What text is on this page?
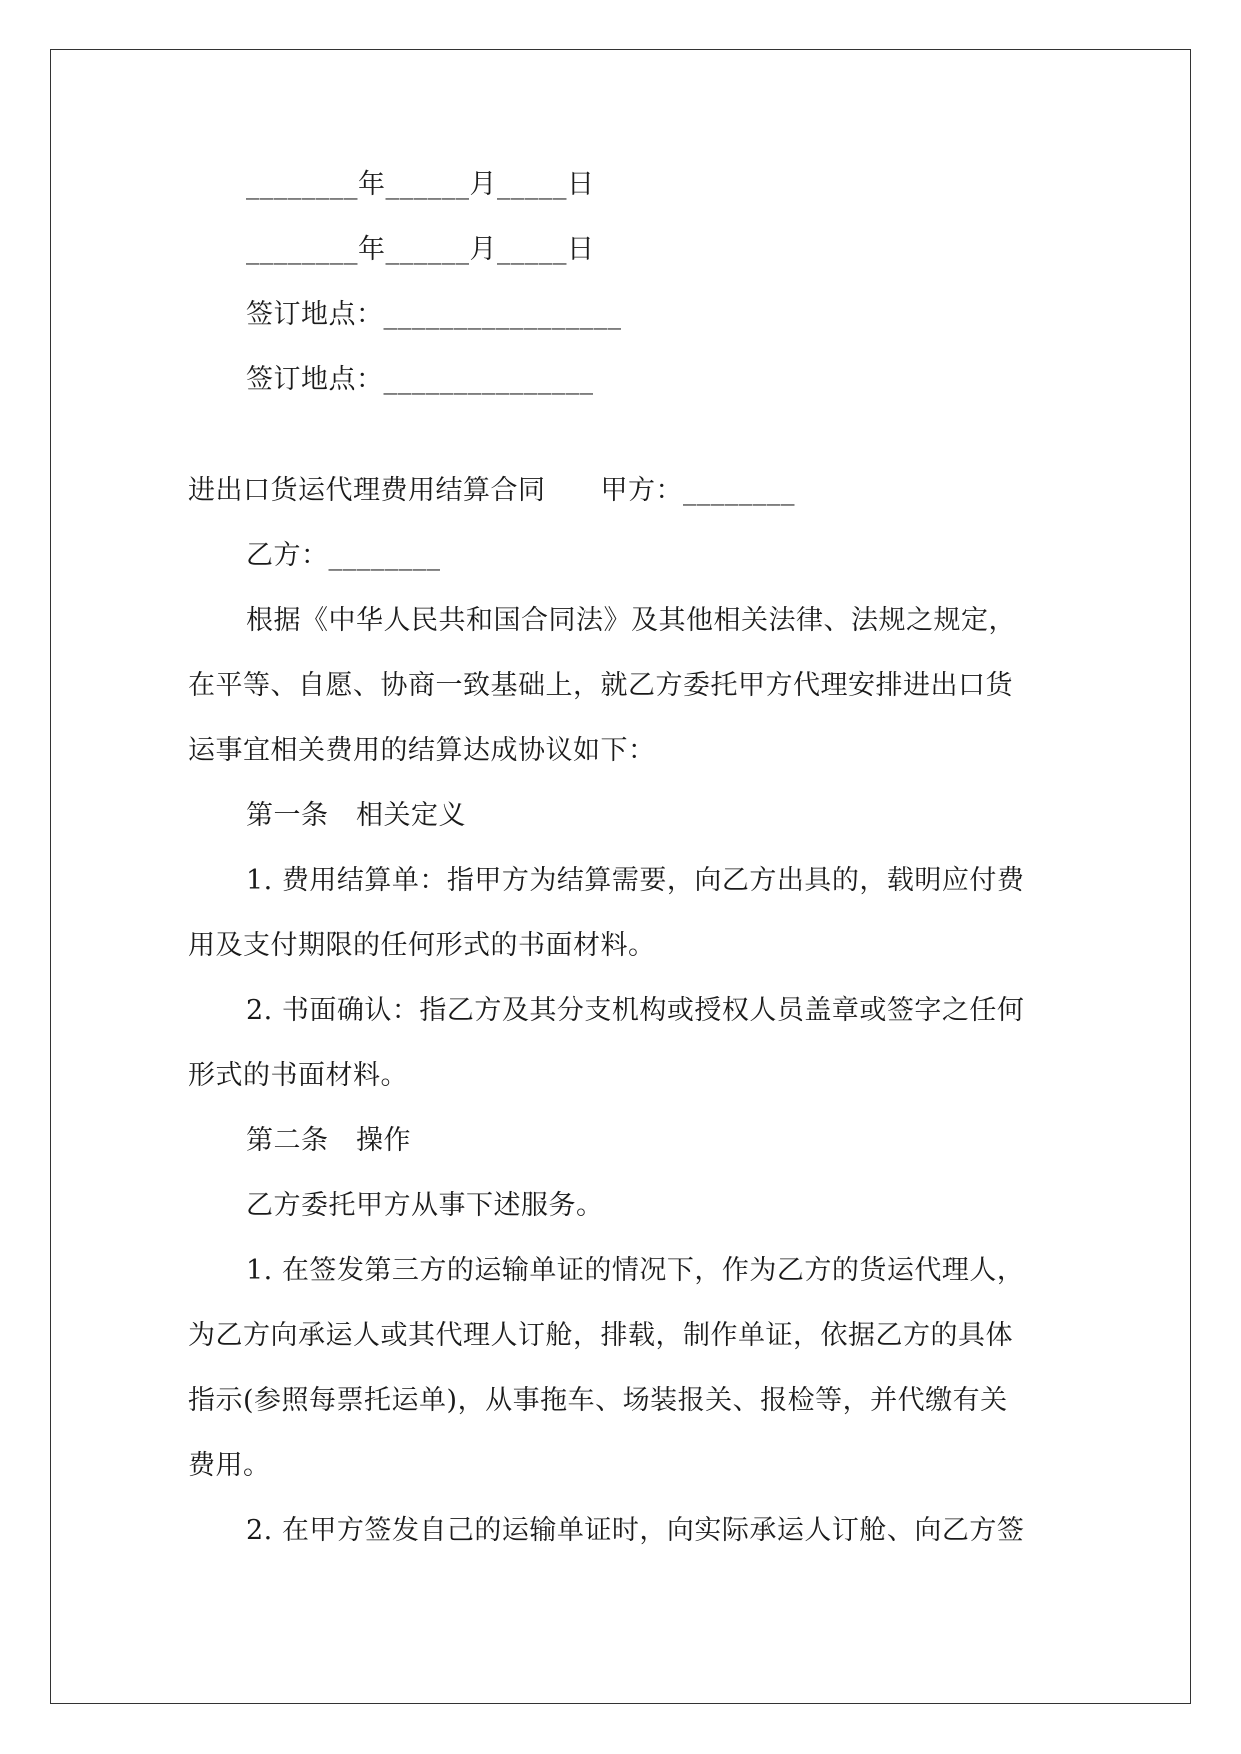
________年______月_____日
________年______月_____日
签订地点：_________________
签订地点：_______________
进出口货运代理费用结算合同　　甲方：________
乙方：________
根据《中华人民共和国合同法》及其他相关法律、法规之规定，
在平等、自愿、协商一致基础上，就乙方委托甲方代理安排进出口货
运事宜相关费用的结算达成协议如下：
第一条　相关定义
1. 费用结算单：指甲方为结算需要，向乙方出具的，载明应付费
用及支付期限的任何形式的书面材料。
2. 书面确认：指乙方及其分支机构或授权人员盖章或签字之任何
形式的书面材料。
第二条　操作
乙方委托甲方从事下述服务。
1. 在签发第三方的运输单证的情况下，作为乙方的货运代理人，
为乙方向承运人或其代理人订舱，排载，制作单证，依据乙方的具体
指示(参照每票托运单)，从事拖车、场装报关、报检等，并代缴有关
费用。
2. 在甲方签发自己的运输单证时，向实际承运人订舱、向乙方签
